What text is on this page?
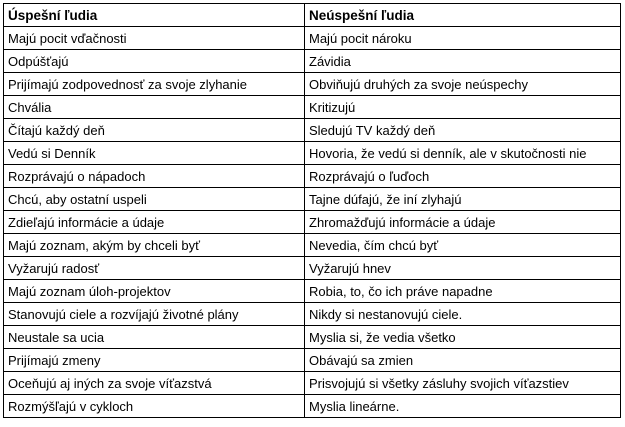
Úspešní ľudia	Neúspešní ľudia
Majú pocit vďačnosti	Majú pocit nároku
Odpúšťajú	Závidia
Prijímajú zodpovednosť za svoje zlyhanie	Obviňujú druhých za svoje neúspechy
Chvália	Kritizujú
Čítajú každý deň	Sledujú TV každý deň
Vedú si Denník	Hovoria, že vedú si denník, ale v skutočnosti nie
Rozprávajú o nápadoch	Rozprávajú o ľuďoch
Chcú, aby ostatní uspeli	Tajne dúfajú, že iní zlyhajú
Zdieľajú informácie a údaje	Zhromažďujú informácie a údaje
Majú zoznam, akým by chceli byť	Nevedia, čím chcú byť
Vyžarujú radosť	Vyžarujú hnev
Majú zoznam úloh-projektov	Robia, to, čo ich práve napadne
Stanovujú ciele a rozvíjajú životné plány	Nikdy si nestanovujú ciele.
Neustale sa ucia	Myslia si, že vedia všetko
Prijímajú zmeny	Obávajú sa zmien
Oceňujú aj iných za svoje víťazstvá	Prisvojujú si všetky zásluhy svojich víťazstiev
Rozmýšľajú v cykloch	Myslia lineárne.
